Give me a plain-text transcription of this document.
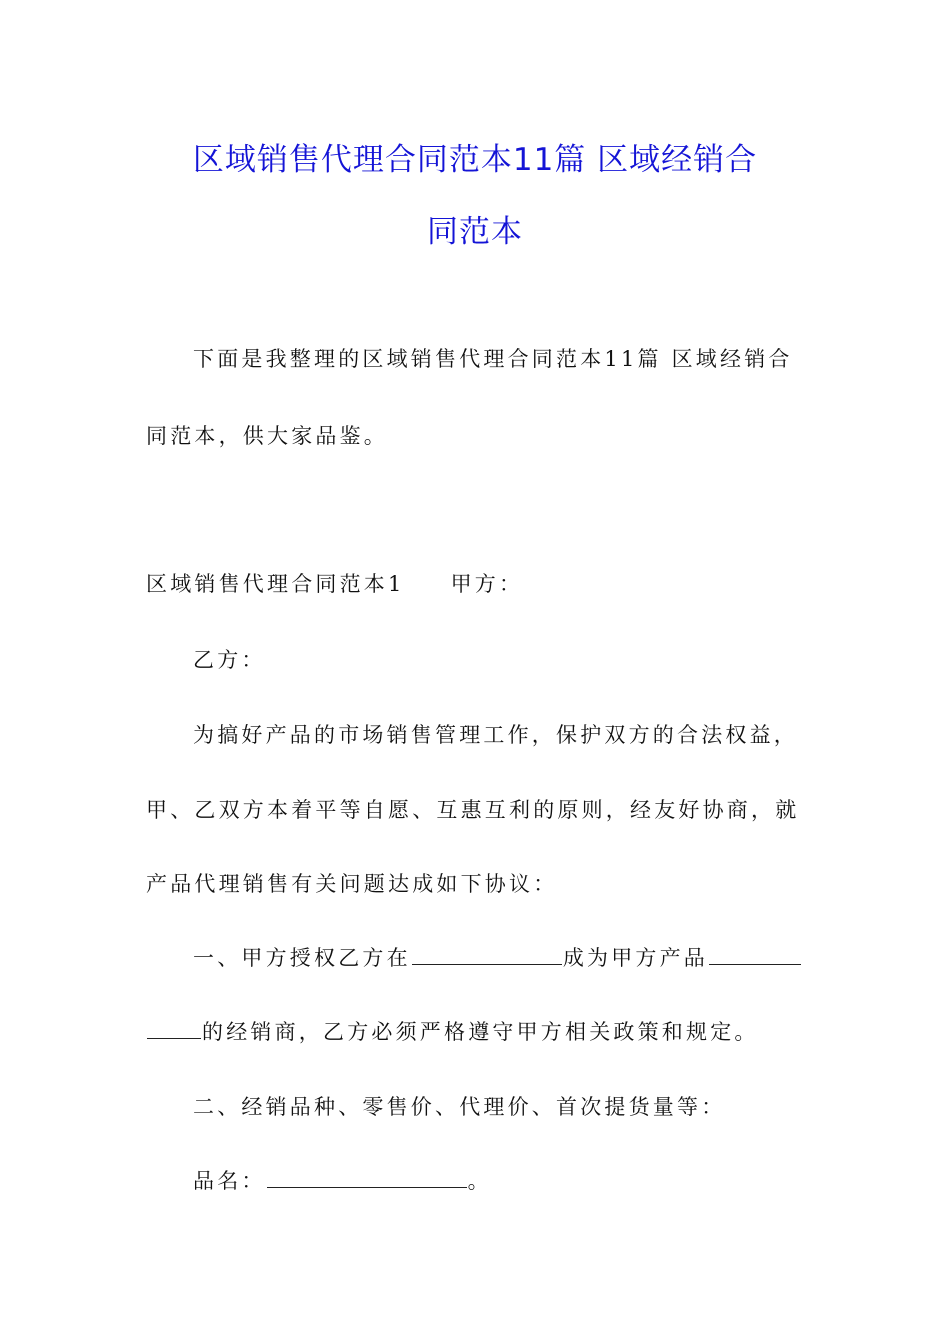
区域销售代理合同范本11篇 区域经销合
同范本
下面是我整理的区域销售代理合同范本11篇 区域经销合
同范本，供大家品鉴。
区域销售代理合同范本1 甲方：
乙方：
为搞好产品的市场销售管理工作，保护双方的合法权益，
甲、乙双方本着平等自愿、互惠互利的原则，经友好协商，就
产品代理销售有关问题达成如下协议：
一、甲方授权乙方在	成为甲方产品
的经销商，乙方必须严格遵守甲方相关政策和规定。
二、经销品种、零售价、代理价、首次提货量等：
品名：	。
